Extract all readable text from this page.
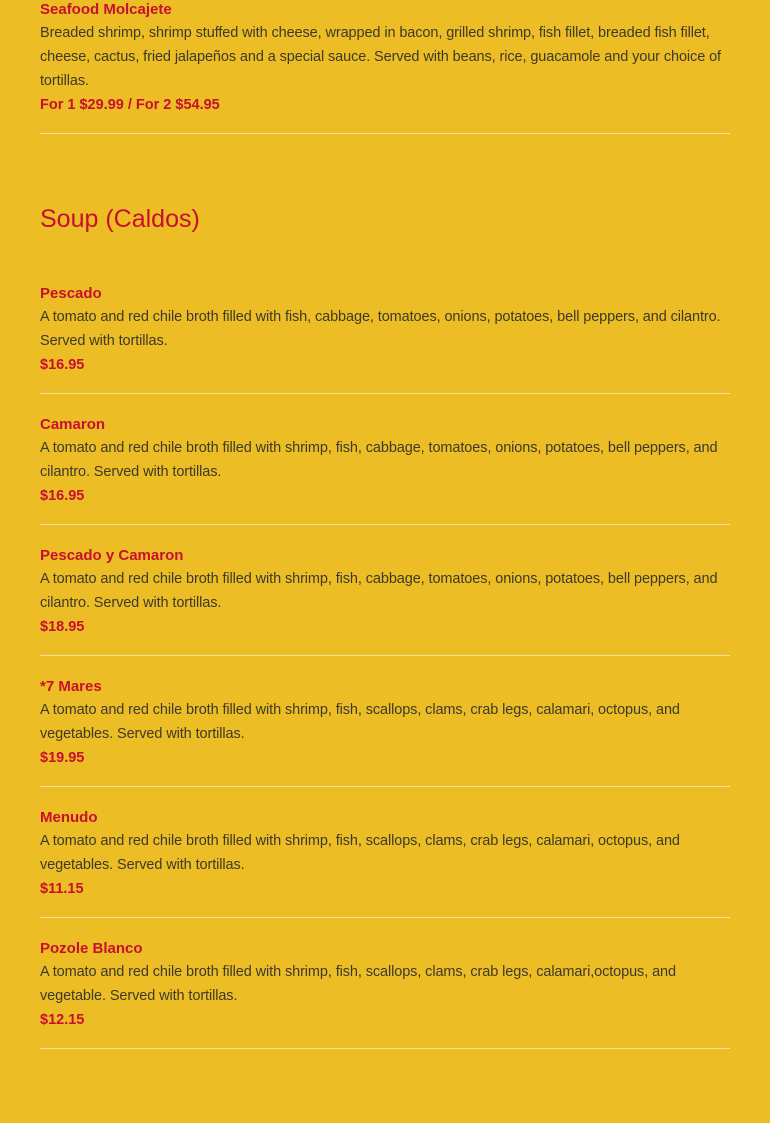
Seafood Molcajete
Breaded shrimp, shrimp stuffed with cheese, wrapped in bacon, grilled shrimp, fish fillet, breaded fish fillet, cheese, cactus, fried jalapeños and a special sauce. Served with beans, rice, guacamole and your choice of tortillas.
For 1 $29.99 / For 2 $54.95
Soup (Caldos)
Pescado
A tomato and red chile broth filled with fish, cabbage, tomatoes, onions, potatoes, bell peppers, and cilantro. Served with tortillas.
$16.95
Camaron
A tomato and red chile broth filled with shrimp, fish, cabbage, tomatoes, onions, potatoes, bell peppers, and cilantro. Served with tortillas.
$16.95
Pescado y Camaron
A tomato and red chile broth filled with shrimp, fish, cabbage, tomatoes, onions, potatoes, bell peppers, and cilantro. Served with tortillas.
$18.95
*7 Mares
A tomato and red chile broth filled with shrimp, fish, scallops, clams, crab legs, calamari, octopus, and vegetables. Served with tortillas.
$19.95
Menudo
A tomato and red chile broth filled with shrimp, fish, scallops, clams, crab legs, calamari, octopus, and vegetables. Served with tortillas.
$11.15
Pozole Blanco
A tomato and red chile broth filled with shrimp, fish, scallops, clams, crab legs, calamari,octopus, and vegetable. Served with tortillas.
$12.15
